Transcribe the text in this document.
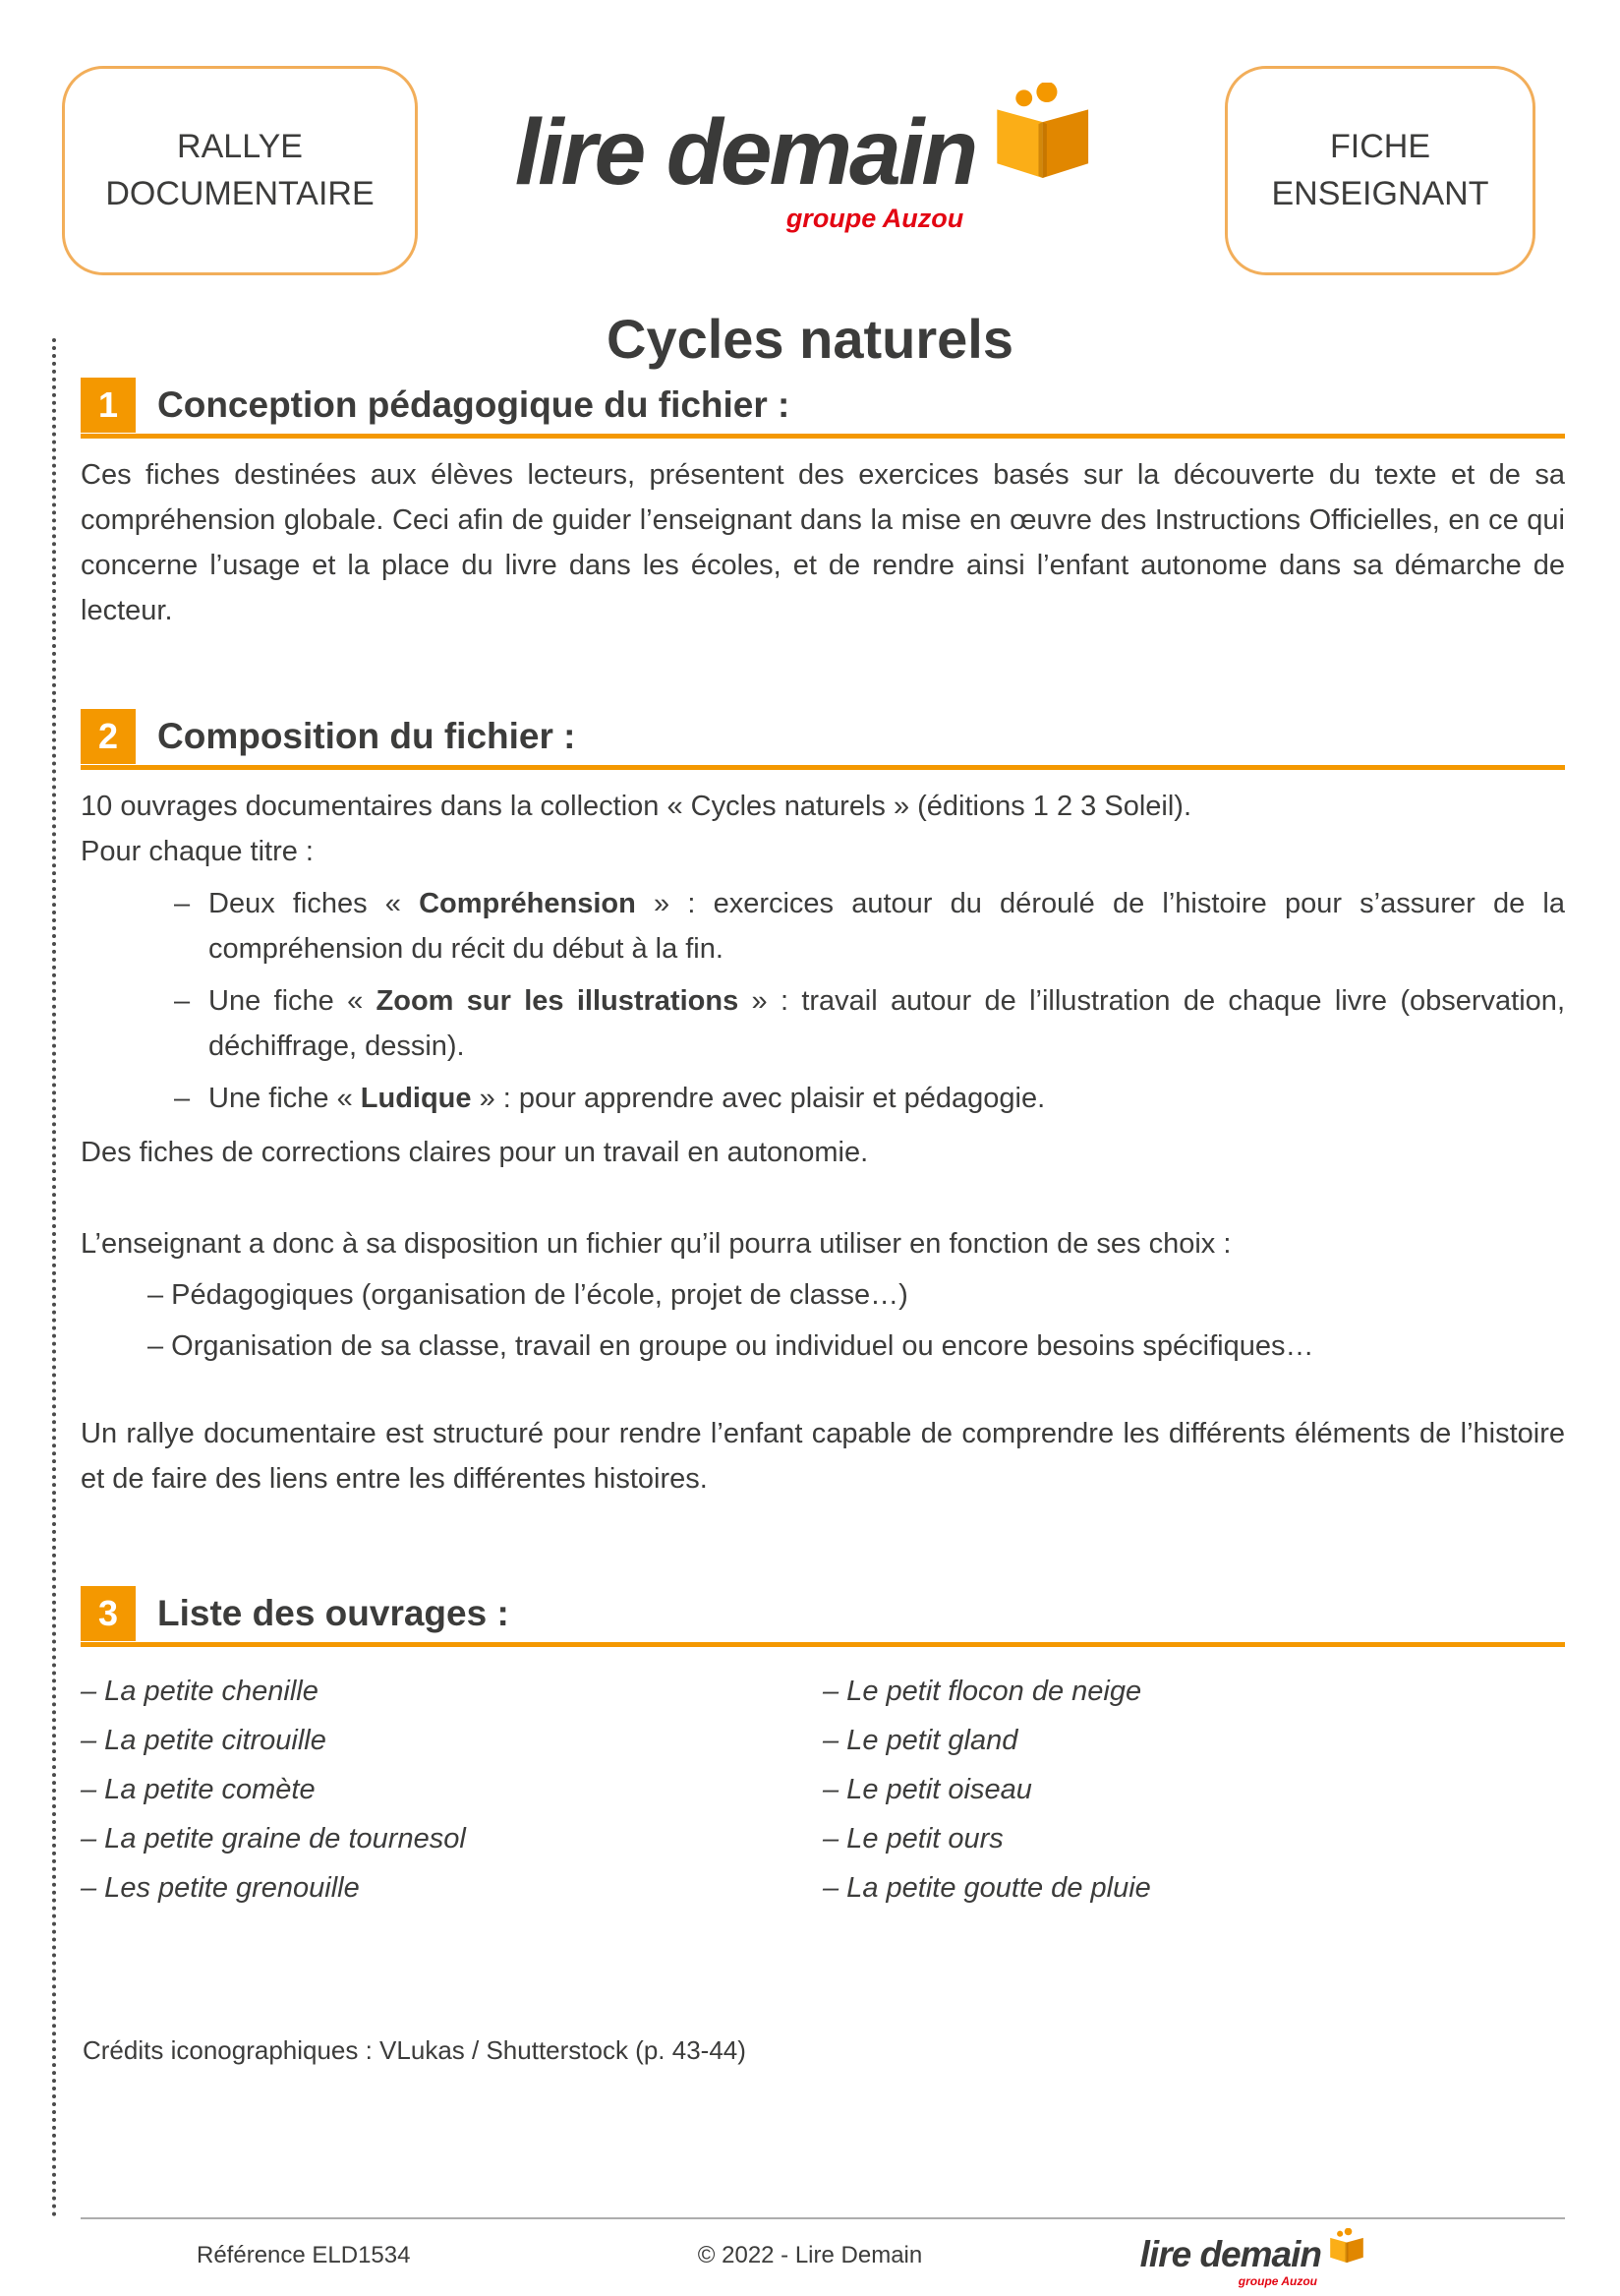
RALLYE
DOCUMENTAIRE lire demain
groupe Auzou
FICHE
ENSEIGNANT
Cycles naturels
1	Conception pédagogique du fichier :

Ces fiches destinées aux élèves lecteurs, présentent des exercices basés sur la découverte du texte et de sa compréhension globale. Ceci afin de guider l’enseignant dans la mise en œuvre des Instructions Officielles, en ce qui concerne l’usage et la place du livre dans les écoles, et de rendre ainsi l’enfant autonome dans sa démarche de lecteur.

2	Composition du fichier :

10 ouvrages documentaires dans la collection « Cycles naturels » (éditions 1 2 3 Soleil).

Pour chaque titre :

– Deux fiches « Compréhension » : exercices autour du déroulé de l’histoire pour s’assurer de la compréhension du récit du début à la fin.

– Une fiche « Zoom sur les illustrations » : travail autour de l’illustration de chaque livre (observation, déchiffrage, dessin).

– Une fiche « Ludique » : pour apprendre avec plaisir et pédagogie.

Des fiches de corrections claires pour un travail en autonomie.

L’enseignant a donc à sa disposition un fichier qu’il pourra utiliser en fonction de ses choix :

– Pédagogiques (organisation de l’école, projet de classe…)

– Organisation de sa classe, travail en groupe ou individuel ou encore besoins spécifiques…

Un rallye documentaire est structuré pour rendre l’enfant capable de comprendre les différents éléments de l’histoire et de faire des liens entre les différentes histoires.

3	Liste des ouvrages :
– La petite chenille
– La petite citrouille
– La petite comète
– La petite graine de tournesol
– Les petite grenouille
– Le petit flocon de neige
– Le petit gland
– Le petit oiseau
– Le petit ours
– La petite goutte de pluie

Crédits iconographiques : VLukas / Shutterstock (p. 43-44)

Référence ELD1534	© 2022 - Lire Demain	lire demain
groupe Auzou
